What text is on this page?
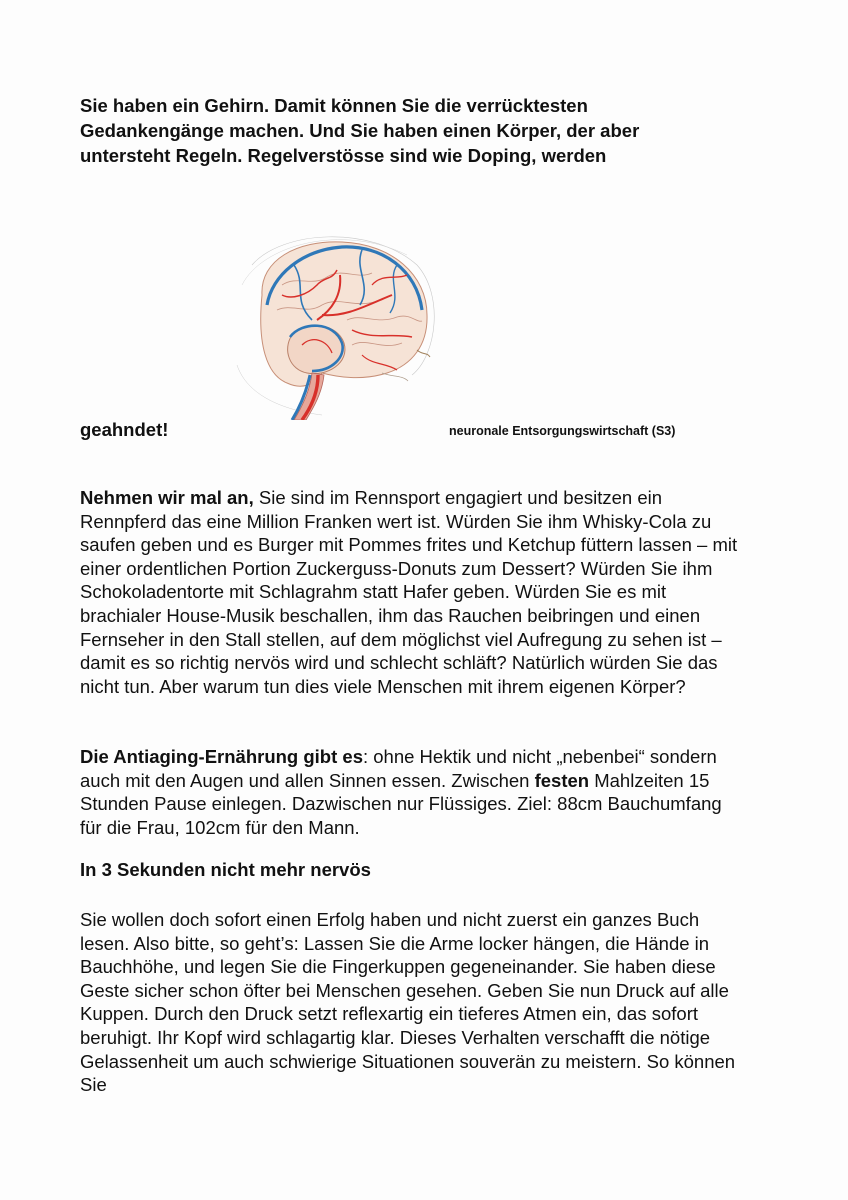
Sie haben ein Gehirn. Damit können Sie die verrücktesten Gedankengänge machen. Und Sie haben einen Körper, der aber untersteht Regeln. Regelverstösse sind wie Doping, werden

geahndet!	neuronale Entsorgungswirtschaft (S3)

Nehmen wir mal an, Sie sind im Rennsport engagiert und besitzen ein Rennpferd das eine Million Franken wert ist. Würden Sie ihm Whisky-Cola zu saufen geben und es Burger mit Pommes frites und Ketchup füttern lassen – mit einer ordentlichen Portion Zuckerguss-Donuts zum Dessert? Würden Sie ihm Schokoladentorte mit Schlagrahm statt Hafer geben. Würden Sie es mit brachialer House-Musik beschallen, ihm das Rauchen beibringen und einen Fernseher in den Stall stellen, auf dem möglichst viel Aufregung zu sehen ist – damit es so richtig nervös wird und schlecht schläft? Natürlich würden Sie das nicht tun. Aber warum tun dies viele Menschen mit ihrem eigenen Körper?

Die Antiaging-Ernährung gibt es: ohne Hektik und nicht „nebenbei“ sondern auch mit den Augen und allen Sinnen essen. Zwischen festen Mahlzeiten 15 Stunden Pause einlegen. Dazwischen nur Flüssiges. Ziel: 88cm Bauchumfang für die Frau, 102cm für den Mann.

In 3 Sekunden nicht mehr nervös

Sie wollen doch sofort einen Erfolg haben und nicht zuerst ein ganzes Buch lesen. Also bitte, so geht’s: Lassen Sie die Arme locker hängen, die Hände in Bauchhöhe, und legen Sie die Fingerkuppen gegeneinander. Sie haben diese Geste sicher schon öfter bei Menschen gesehen. Geben Sie nun Druck auf alle Kuppen. Durch den Druck setzt reflexartig ein tieferes Atmen ein, das sofort beruhigt. Ihr Kopf wird schlagartig klar. Dieses Verhalten verschafft die nötige Gelassenheit um auch schwierige Situationen souverän zu meistern. So können Sie
